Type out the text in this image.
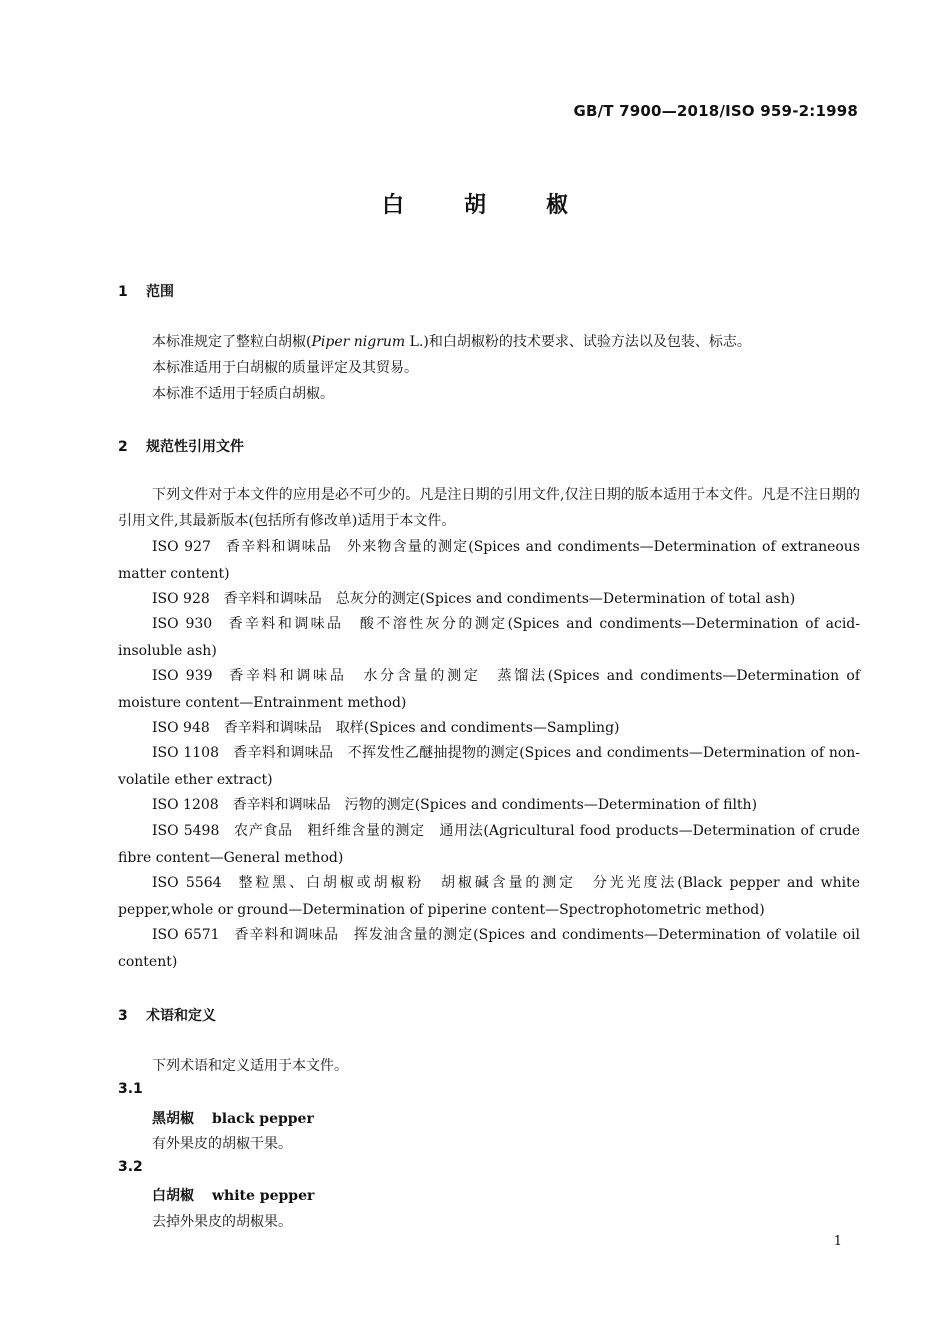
GB/T 7900—2018/ISO 959-2:1998
白	胡	椒
1 范围
本标准规定了整粒白胡椒(Piper nigrum L.)和白胡椒粉的技术要求、试验方法以及包装、标志。
本标准适用于白胡椒的质量评定及其贸易。
本标准不适用于轻质白胡椒。
2 规范性引用文件
下列文件对于本文件的应用是必不可少的。凡是注日期的引用文件,仅注日期的版本适用于本文件。凡是不注日期的引用文件,其最新版本(包括所有修改单)适用于本文件。
ISO 927 香辛料和调味品　外来物含量的测定(Spices and condiments—Determination of extraneous matter content)
ISO 928 香辛料和调味品　总灰分的测定(Spices and condiments—Determination of total ash)
ISO 930 香辛料和调味品　酸不溶性灰分的测定(Spices and condiments—Determination of acid-insoluble ash)
ISO 939 香辛料和调味品　水分含量的测定　蒸馏法(Spices and condiments—Determination of moisture content—Entrainment method)
ISO 948 香辛料和调味品　取样(Spices and condiments—Sampling)
ISO 1108 香辛料和调味品　不挥发性乙醚抽提物的测定(Spices and condiments—Determination of non-volatile ether extract)
ISO 1208 香辛料和调味品　污物的测定(Spices and condiments—Determination of filth)
ISO 5498 农产食品　粗纤维含量的测定　通用法(Agricultural food products—Determination of crude fibre content—General method)
ISO 5564 整粒黑、白胡椒或胡椒粉　胡椒碱含量的测定　分光光度法(Black pepper and white pepper,whole or ground—Determination of piperine content—Spectrophotometric method)
ISO 6571 香辛料和调味品　挥发油含量的测定(Spices and condiments—Determination of volatile oil content)
3 术语和定义
下列术语和定义适用于本文件。
3.1
黑胡椒 black pepper
有外果皮的胡椒干果。
3.2
白胡椒 white pepper
去掉外果皮的胡椒果。
1
